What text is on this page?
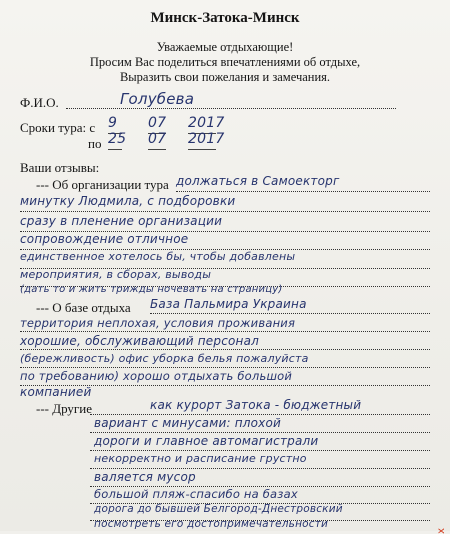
Минск-Затока-Минск
Уважаемые отдыхающие!
Просим Вас поделиться впечатлениями об отдыхе,
Выразить свои пожелания и замечания.
Ф.И.О.	Голубева
Сроки тура: с 9 07 2017
по 25 07 2017
Ваши отзывы:
--- Об организации тура должаться в Самоекторг
минутку Людмила, с подборовки
сразу в пленение организации
сопровождение отличное
единственное хотелось бы, чтобы добавлены
мероприятия, в сборах, выводы
(дать то и жить трижды ночевать на страницу)
--- О базе отдыха База Пальмира Украина
территория неплохая, условия проживания
хорошие, обслуживающий персонал
(бережливость) офис уборка белья пожалуйста
по требованию) хорошо отдыхать большой
компанией
--- Другие	как курорт Затока - бюджетный
вариант с минусами: плохой
дороги и главное автомагистрали
некорректно и расписание грустно
валяется мусор
большой пляж-спасибо на базах
дорога до бывшей Белгород-Днестровский
посмотреть его достопримечательности
x
